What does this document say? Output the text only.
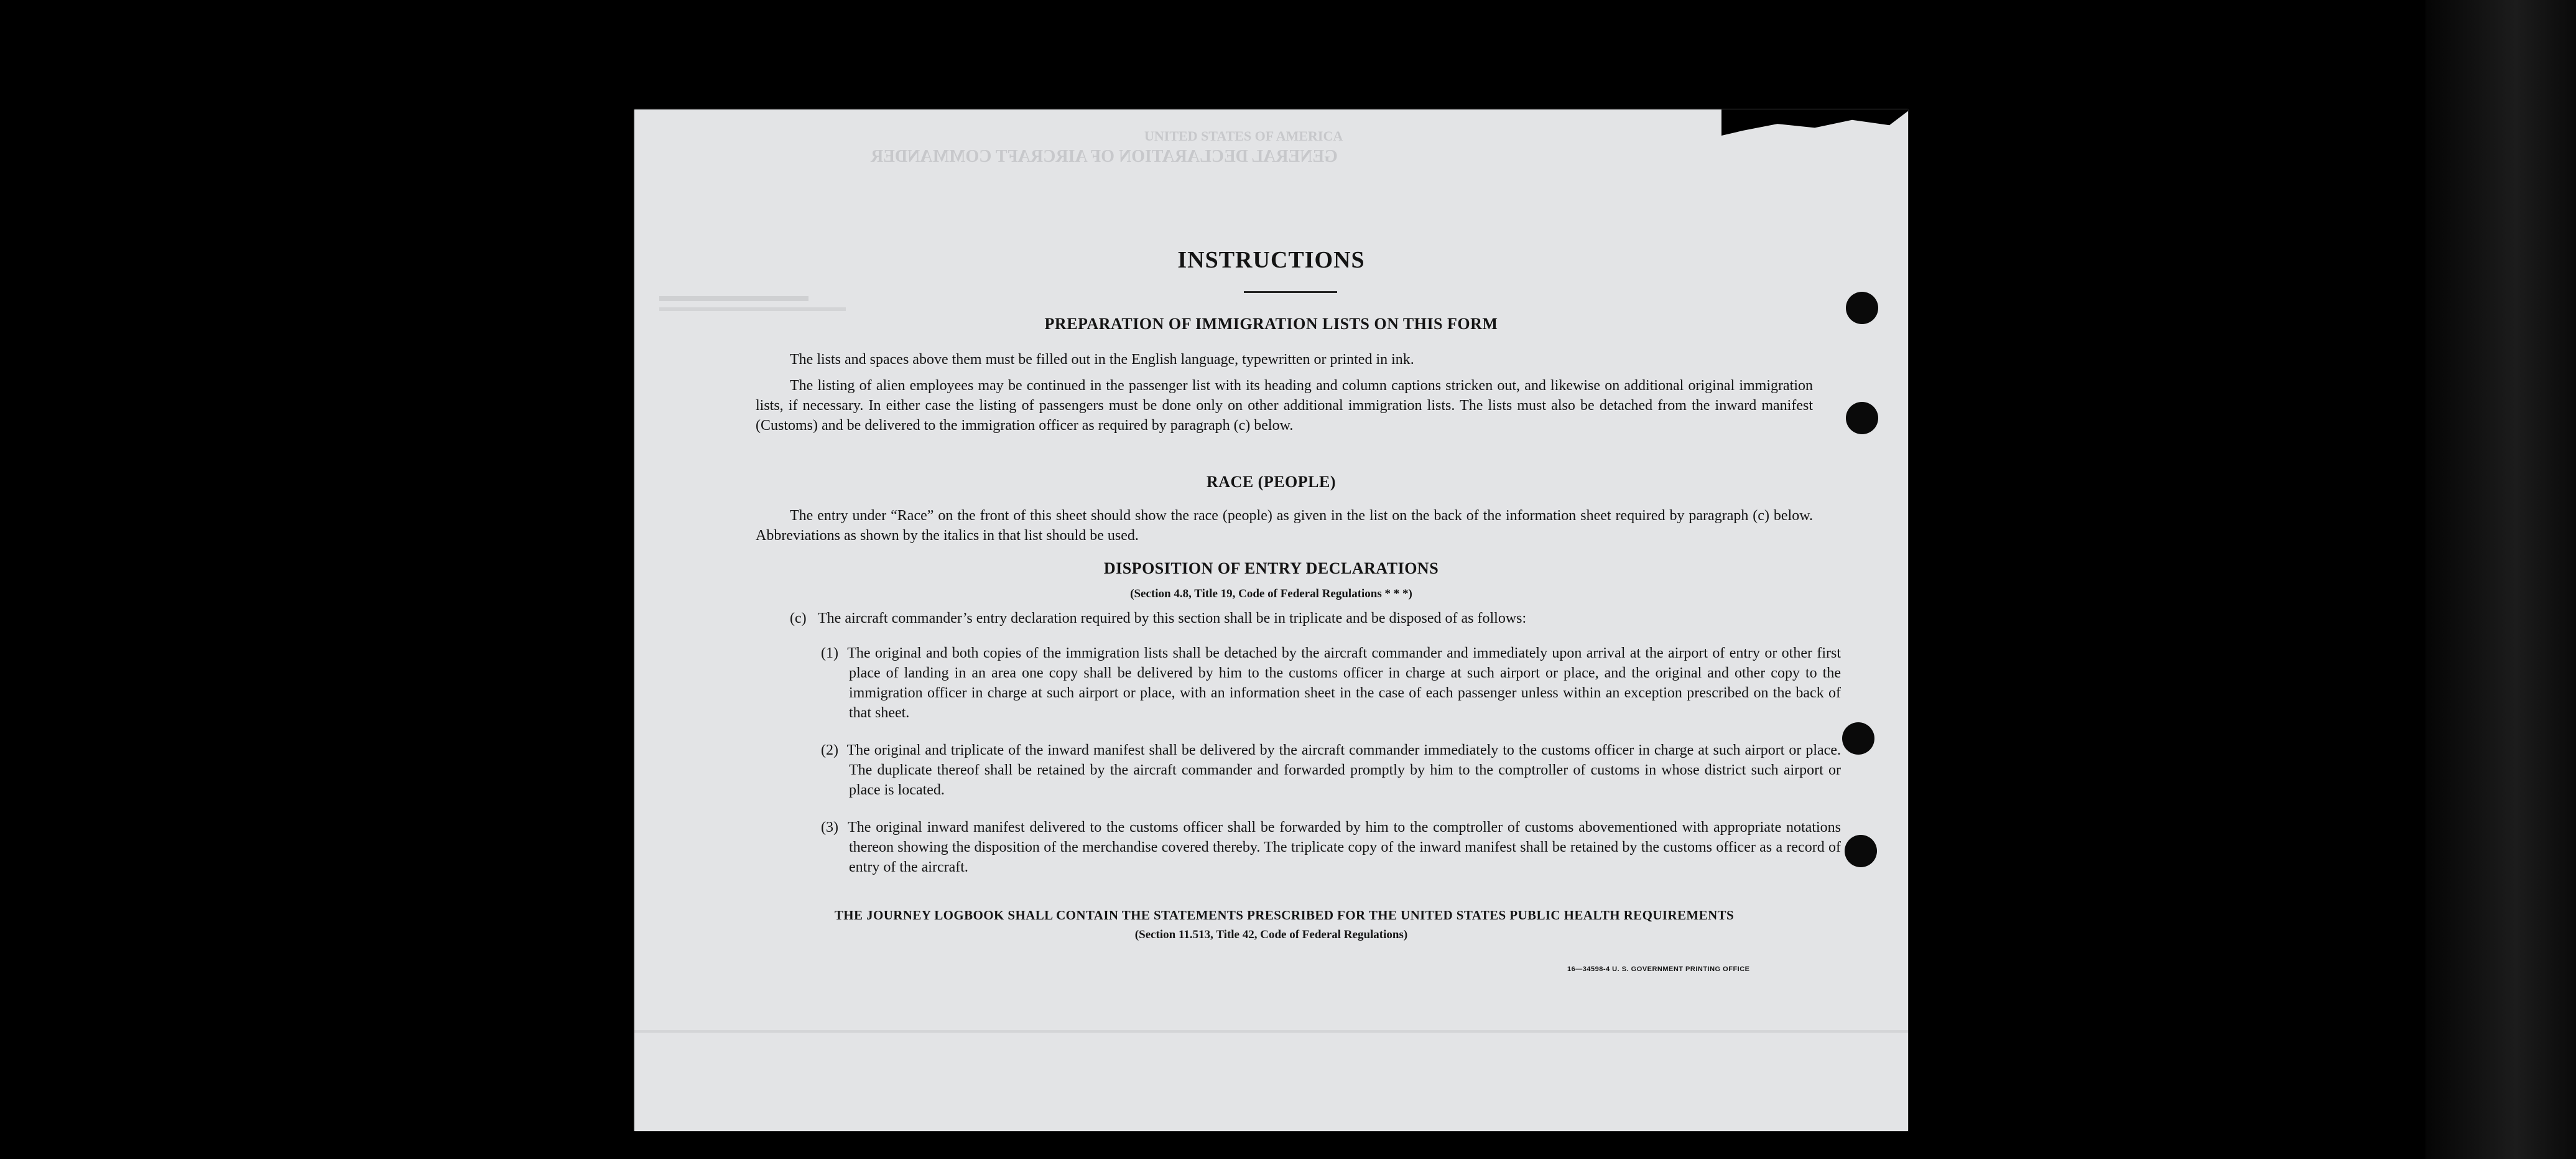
UNITED STATES OF AMERICA
GENERAL DECLARATION OF AIRCRAFT COMMANDER

INSTRUCTIONS
PREPARATION OF IMMIGRATION LISTS ON THIS FORM
The lists and spaces above them must be filled out in the English language, typewritten or printed in ink.
The listing of alien employees may be continued in the passenger list with its heading and column captions stricken out, and likewise on additional original immigration lists, if necessary. In either case the listing of passengers must be done only on other additional immigration lists. The lists must also be detached from the inward manifest (Customs) and be delivered to the immigration officer as required by paragraph (c) below.
RACE (PEOPLE)
The entry under “Race” on the front of this sheet should show the race (people) as given in the list on the back of the information sheet required by paragraph (c) below. Abbreviations as shown by the italics in that list should be used.
DISPOSITION OF ENTRY DECLARATIONS
(Section 4.8, Title 19, Code of Federal Regulations * * *)
(c) The aircraft commander’s entry declaration required by this section shall be in triplicate and be disposed of as follows:
(1) The original and both copies of the immigration lists shall be detached by the aircraft commander and immediately upon arrival at the airport of entry or other first place of landing in an area one copy shall be delivered by him to the customs officer in charge at such airport or place, and the original and other copy to the immigration officer in charge at such airport or place, with an information sheet in the case of each passenger unless within an exception prescribed on the back of that sheet.
(2) The original and triplicate of the inward manifest shall be delivered by the aircraft commander immediately to the customs officer in charge at such airport or place. The duplicate thereof shall be retained by the aircraft commander and forwarded promptly by him to the comptroller of customs in whose district such airport or place is located.
(3) The original inward manifest delivered to the customs officer shall be forwarded by him to the comptroller of customs abovementioned with appropriate notations thereon showing the disposition of the merchandise covered thereby. The triplicate copy of the inward manifest shall be retained by the customs officer as a record of entry of the aircraft.
THE JOURNEY LOGBOOK SHALL CONTAIN THE STATEMENTS PRESCRIBED FOR THE UNITED STATES PUBLIC HEALTH REQUIREMENTS
(Section 11.513, Title 42, Code of Federal Regulations)
16—34598-4 U. S. GOVERNMENT PRINTING OFFICE
